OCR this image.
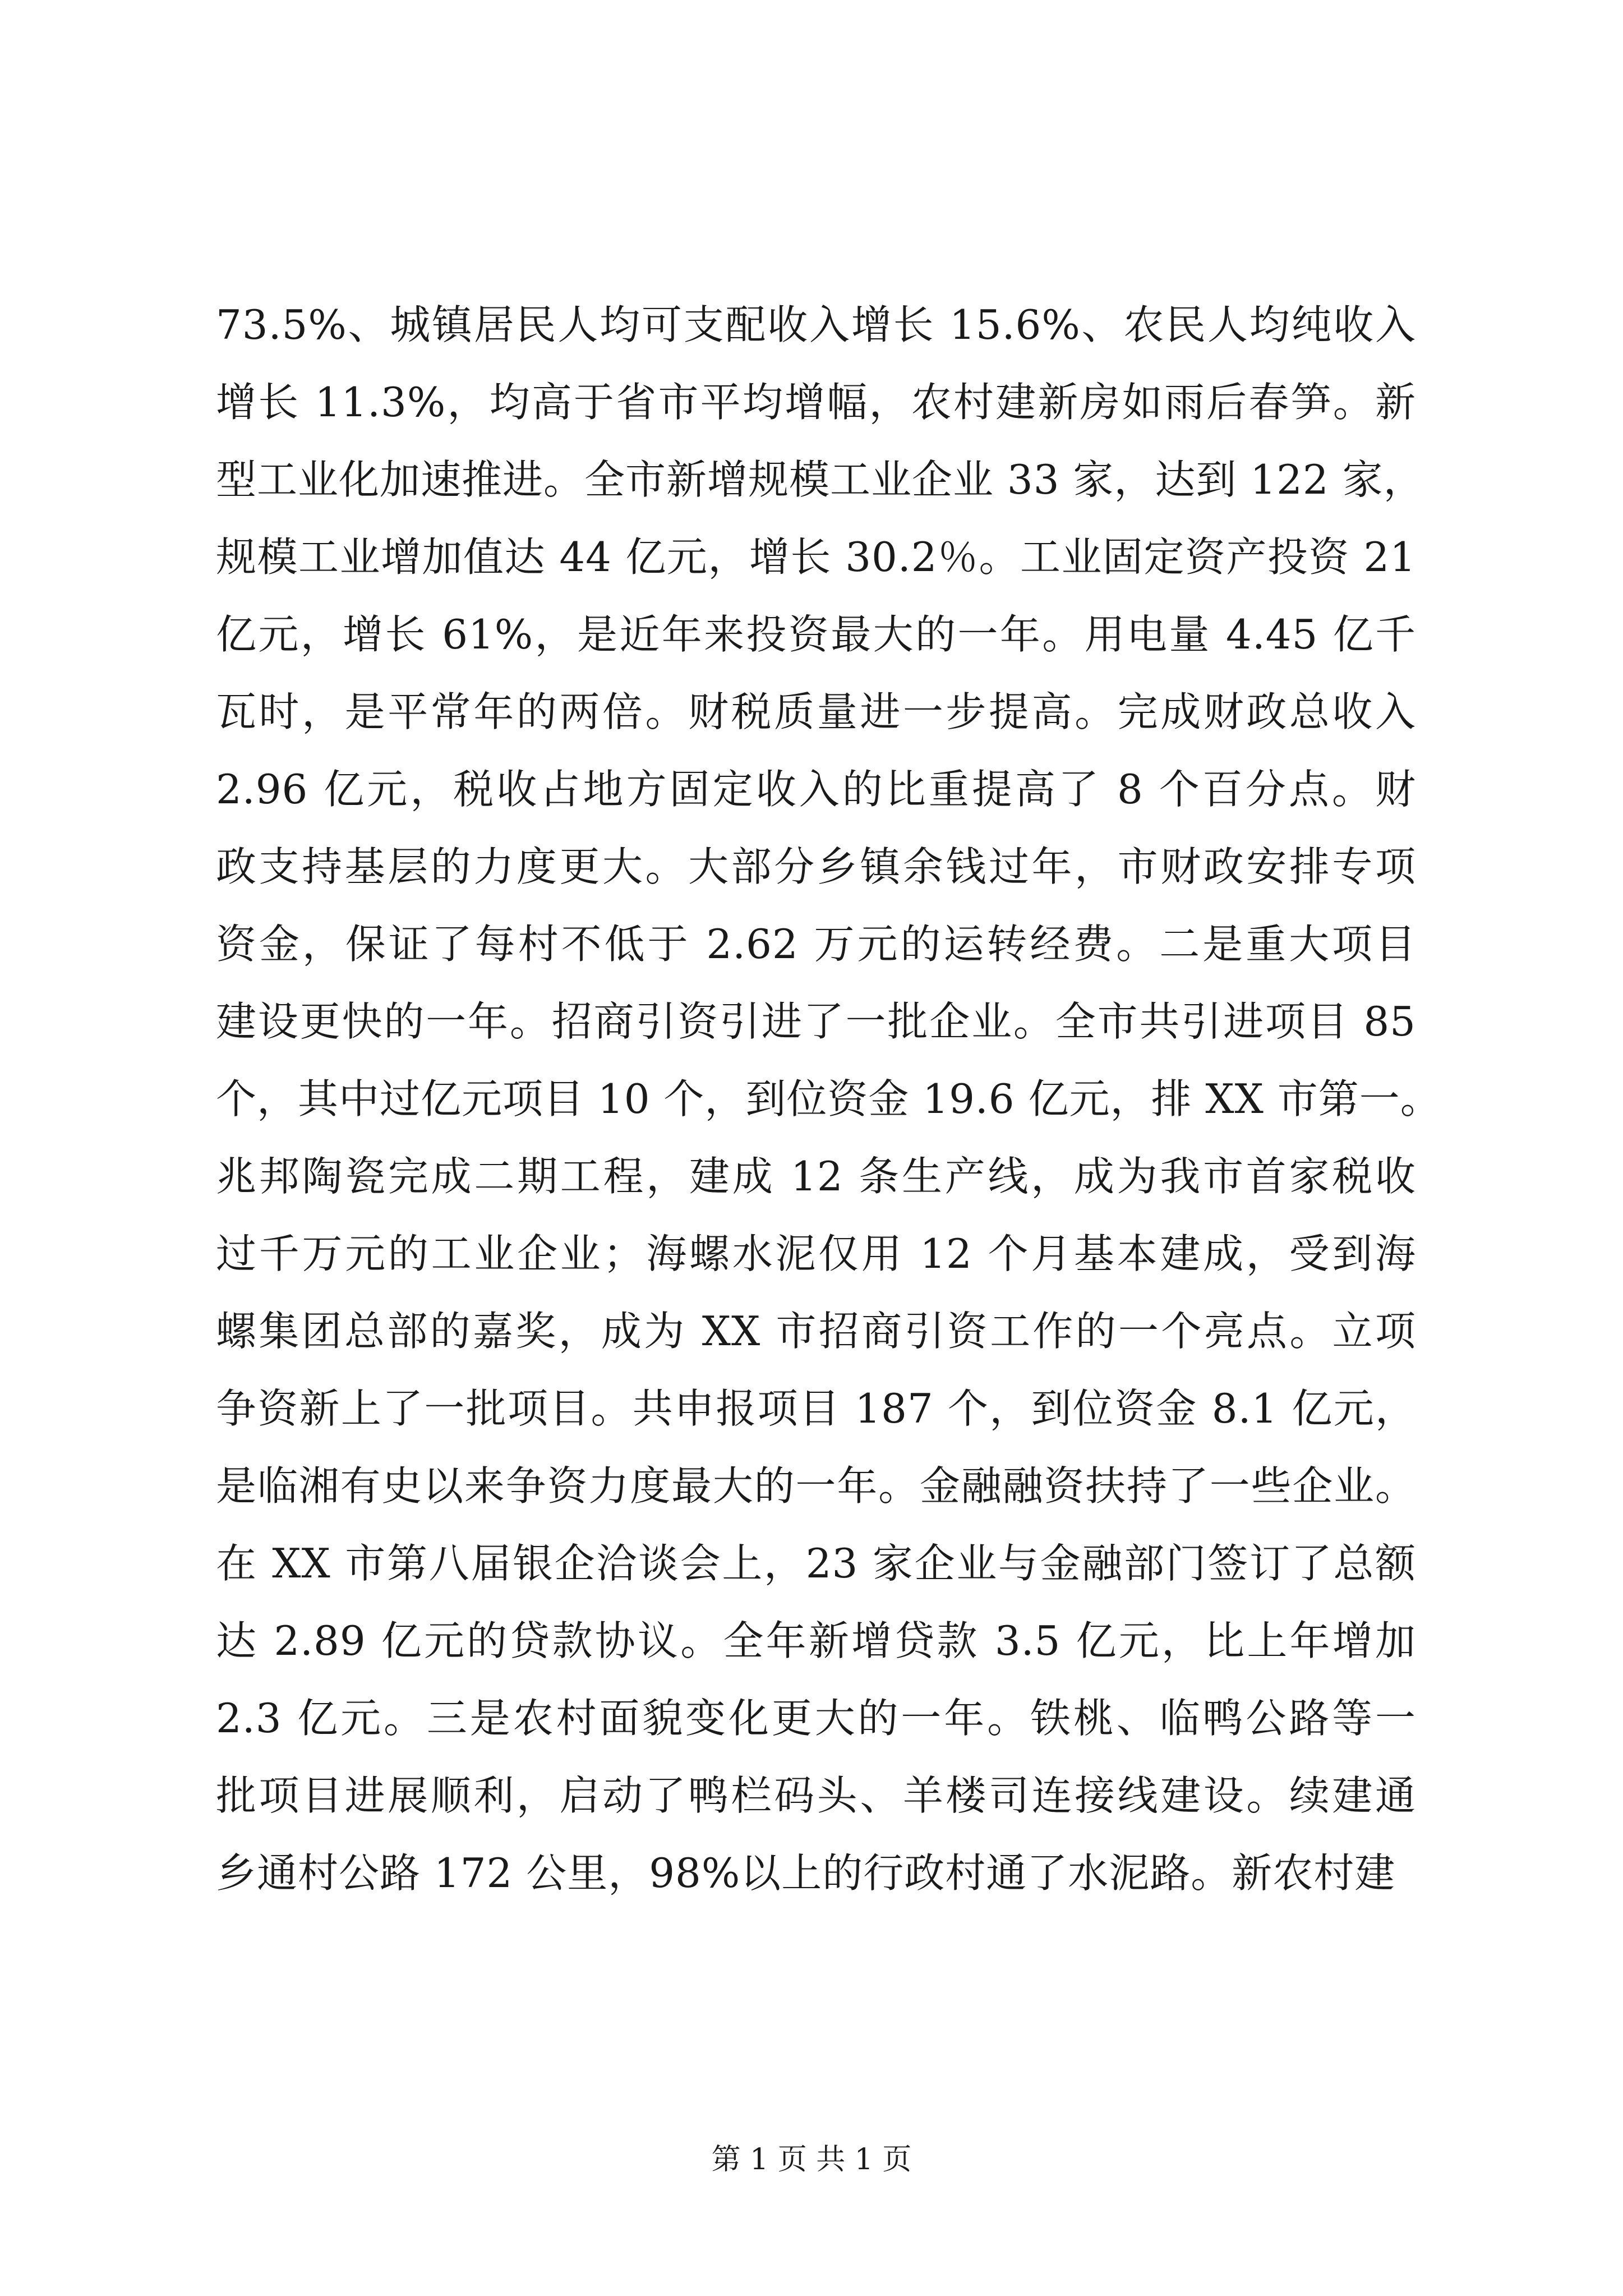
73.5%、城镇居民人均可支配收入增长 15.6%、农民人均纯收入
增长 11.3%，均高于省市平均增幅，农村建新房如雨后春笋。新
型工业化加速推进。全市新增规模工业企业 33 家，达到 122 家，
规模工业增加值达 44 亿元，增长 30.2％。工业固定资产投资 21
亿元，增长 61%，是近年来投资最大的一年。用电量 4.45 亿千
瓦时，是平常年的两倍。财税质量进一步提高。完成财政总收入
2.96 亿元，税收占地方固定收入的比重提高了 8 个百分点。财
政支持基层的力度更大。大部分乡镇余钱过年，市财政安排专项
资金，保证了每村不低于 2.62 万元的运转经费。二是重大项目
建设更快的一年。招商引资引进了一批企业。全市共引进项目 85
个，其中过亿元项目 10 个，到位资金 19.6 亿元，排 XX 市第一。
兆邦陶瓷完成二期工程，建成 12 条生产线，成为我市首家税收
过千万元的工业企业；海螺水泥仅用 12 个月基本建成，受到海
螺集团总部的嘉奖，成为 XX 市招商引资工作的一个亮点。立项
争资新上了一批项目。共申报项目 187 个，到位资金 8.1 亿元，
是临湘有史以来争资力度最大的一年。金融融资扶持了一些企业。
在 XX 市第八届银企洽谈会上，23 家企业与金融部门签订了总额
达 2.89 亿元的贷款协议。全年新增贷款 3.5 亿元，比上年增加
2.3 亿元。三是农村面貌变化更大的一年。铁桃、临鸭公路等一
批项目进展顺利，启动了鸭栏码头、羊楼司连接线建设。续建通
乡通村公路 172 公里，98%以上的行政村通了水泥路。新农村建
第 1 页 共 1 页
